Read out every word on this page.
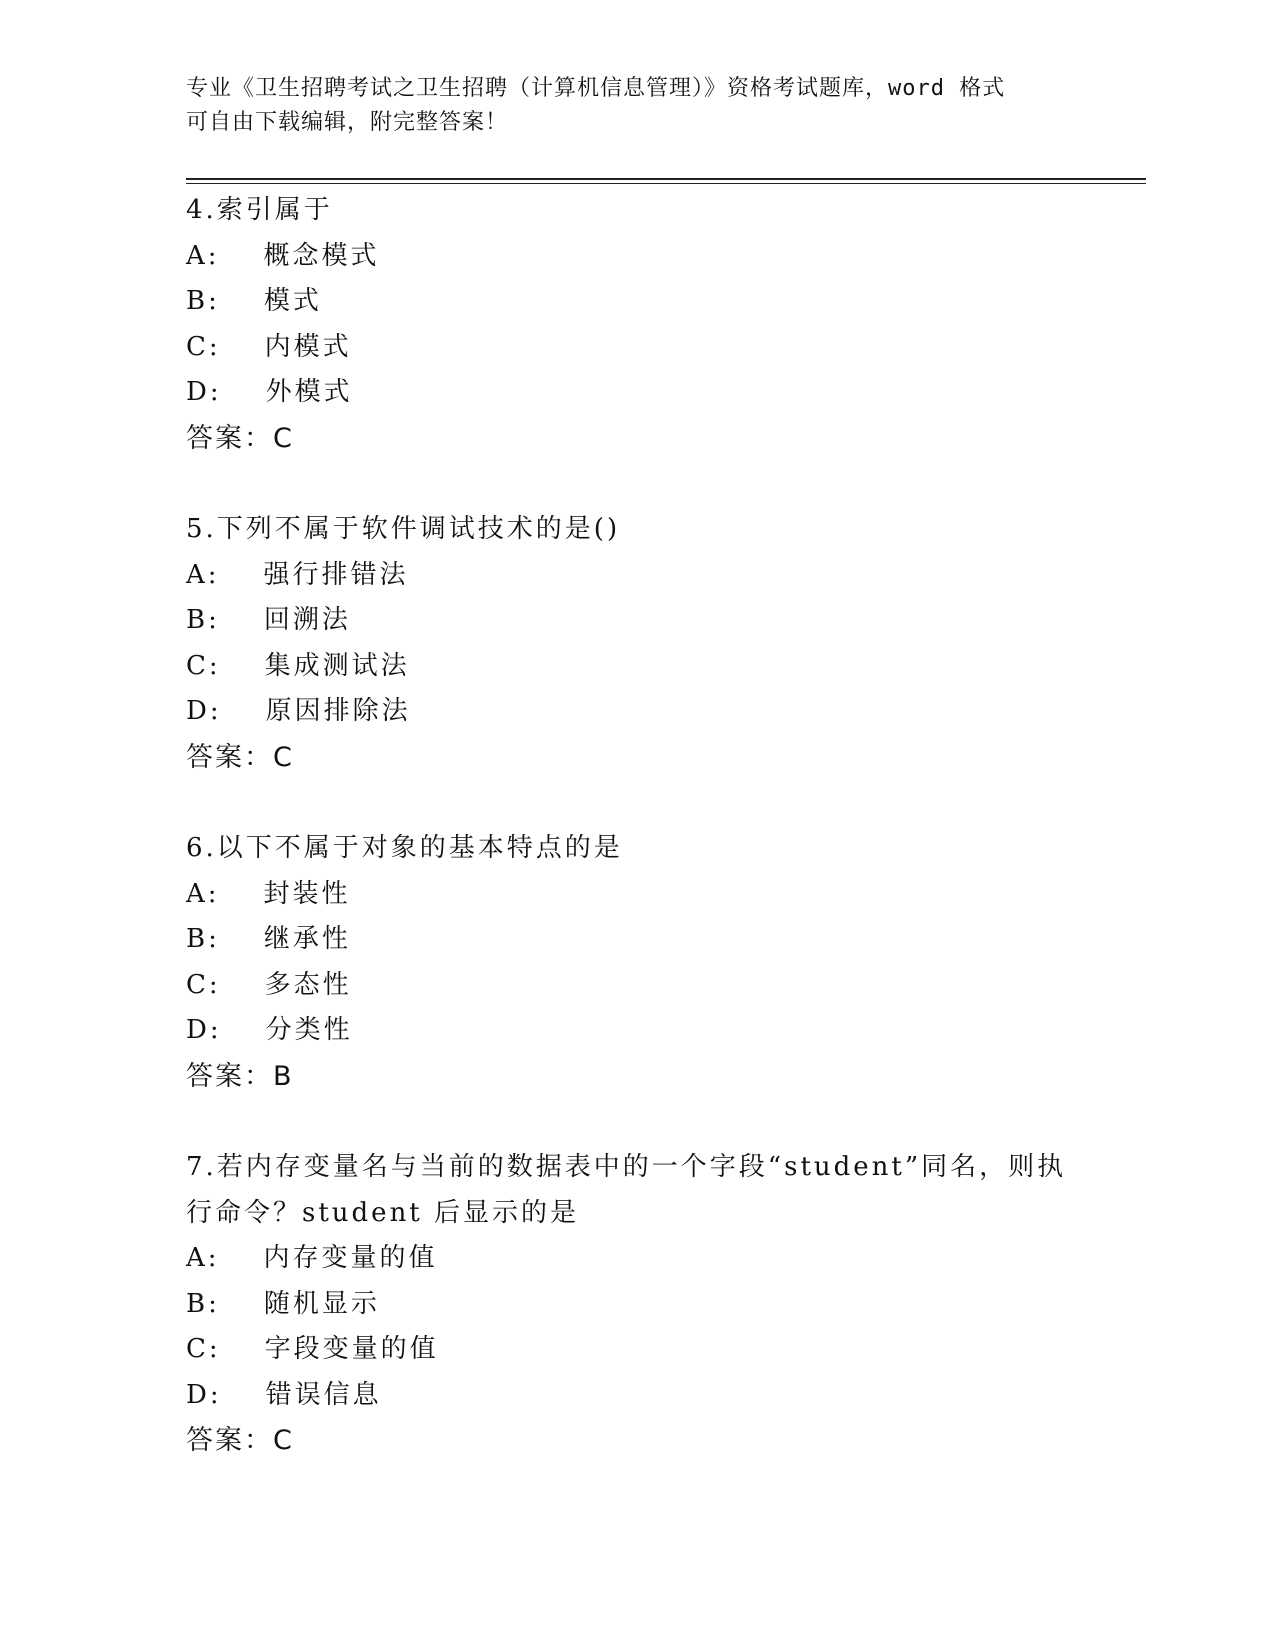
专业《卫生招聘考试之卫生招聘（计算机信息管理）》资格考试题库，word 格式
可自由下载编辑，附完整答案！
4.索引属于
A: 概念模式
B: 模式
C: 内模式
D: 外模式
答案：C
5.下列不属于软件调试技术的是()
A: 强行排错法
B: 回溯法
C: 集成测试法
D: 原因排除法
答案：C
6.以下不属于对象的基本特点的是
A: 封装性
B: 继承性
C: 多态性
D: 分类性
答案：B
7.若内存变量名与当前的数据表中的一个字段“student”同名，则执
行命令？student 后显示的是
A: 内存变量的值
B: 随机显示
C: 字段变量的值
D: 错误信息
答案：C
